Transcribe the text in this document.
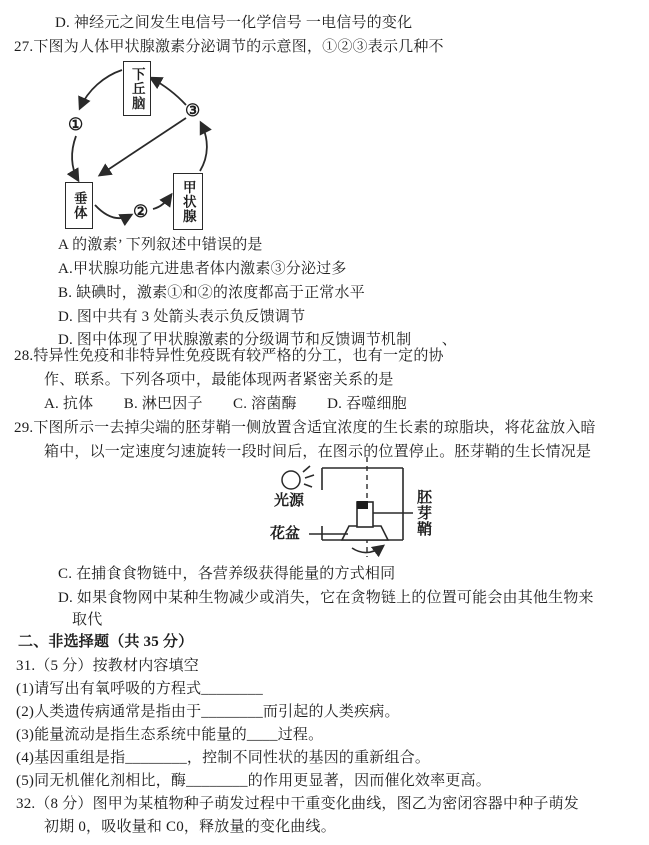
D. 神经元之间发生电信号一化学信号 一电信号的变化
27.下图为人体甲状腺激素分泌调节的示意图，①②③表示几种不
A 的激素’ 下列叙述中错误的是
A.甲状腺功能亢进患者体内激素③分泌过多
B. 缺碘时，激素①和②的浓度都高于正常水平
D. 图中共有 3 处箭头表示负反馈调节
D. 图中体现了甲状腺激素的分级调节和反馈调节机制　　、
28.特异性免疫和非特异性免疫既有较严格的分工，也有一定的协
作、联系。下列各项中，最能体现两者紧密关系的是
A. 抗体　　B. 淋巴因子　　C. 溶菌酶　　D. 吞噬细胞
29.下图所示一去掉尖端的胚芽鞘一侧放置含适宜浓度的生长素的琼脂块，将花盆放入暗
箱中，以一定速度匀速旋转一段时间后，在图示的位置停止。胚芽鞘的生长情况是
C. 在捕食食物链中，各营养级获得能量的方式相同
D. 如果食物网中某种生物减少或消失，它在贪物链上的位置可能会由其他生物来
取代
二、非选择题（共 35 分）
31.（5 分）按教材内容填空
(1)请写出有氧呼吸的方程式________
(2)人类遗传病通常是指由于________而引起的人类疾病。
(3)能量流动是指生态系统中能量的____过程。
(4)基因重组是指________，控制不同性状的基因的重新组合。
(5)同无机催化剂相比，酶________的作用更显著，因而催化效率更高。
32.（8 分）图甲为某植物种子萌发过程中干重变化曲线，图乙为密闭容器中种子萌发
初期 0，吸收量和 C0，释放量的变化曲线。
下丘脑
垂体	甲状腺
①
②
③
光源
花盆	胚芽鞘
